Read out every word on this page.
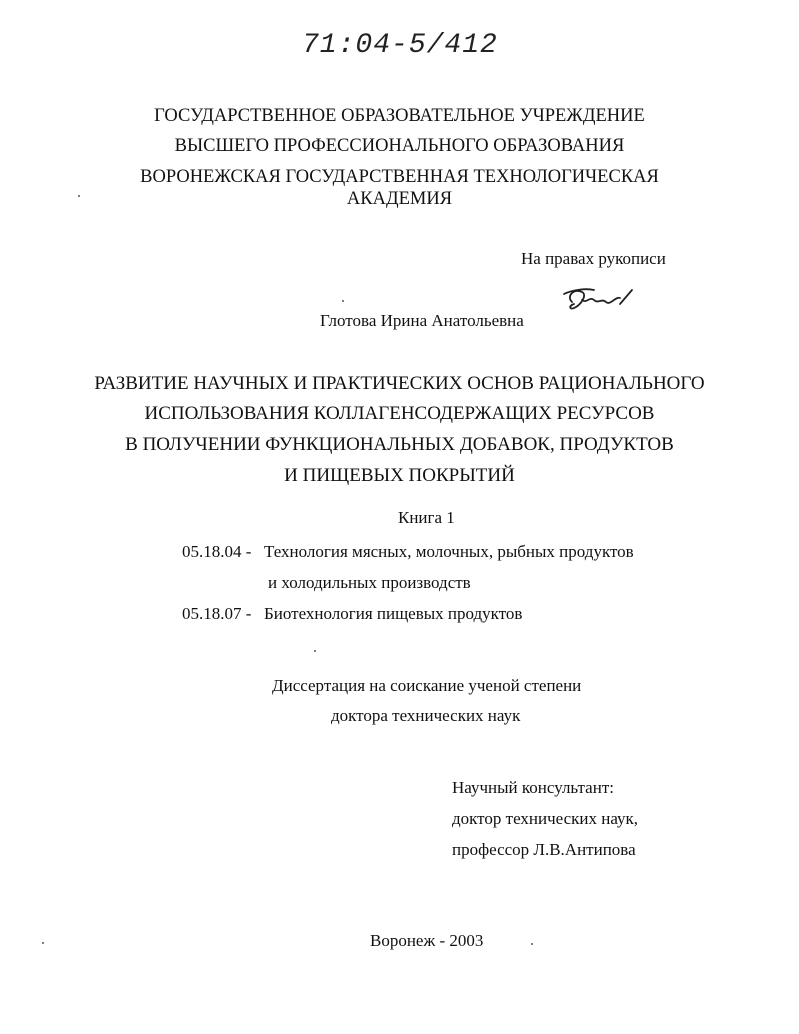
71:04-5/412
ГОСУДАРСТВЕННОЕ ОБРАЗОВАТЕЛЬНОЕ УЧРЕЖДЕНИЕ
ВЫСШЕГО ПРОФЕССИОНАЛЬНОГО ОБРАЗОВАНИЯ
ВОРОНЕЖСКАЯ ГОСУДАРСТВЕННАЯ ТЕХНОЛОГИЧЕСКАЯ
АКАДЕМИЯ
На правах рукописи
Глотова Ирина Анатольевна
РАЗВИТИЕ НАУЧНЫХ И ПРАКТИЧЕСКИХ ОСНОВ РАЦИОНАЛЬНОГО
ИСПОЛЬЗОВАНИЯ КОЛЛАГЕНСОДЕРЖАЩИХ РЕСУРСОВ
В ПОЛУЧЕНИИ ФУНКЦИОНАЛЬНЫХ ДОБАВОК, ПРОДУКТОВ
И ПИЩЕВЫХ ПОКРЫТИЙ
Книга 1
05.18.04 - Технология мясных, молочных, рыбных продуктов
и холодильных производств
05.18.07 - Биотехнология пищевых продуктов
Диссертация на соискание ученой степени
доктора технических наук
Научный консультант:
доктор технических наук,
профессор Л.В.Антипова
Воронеж - 2003
